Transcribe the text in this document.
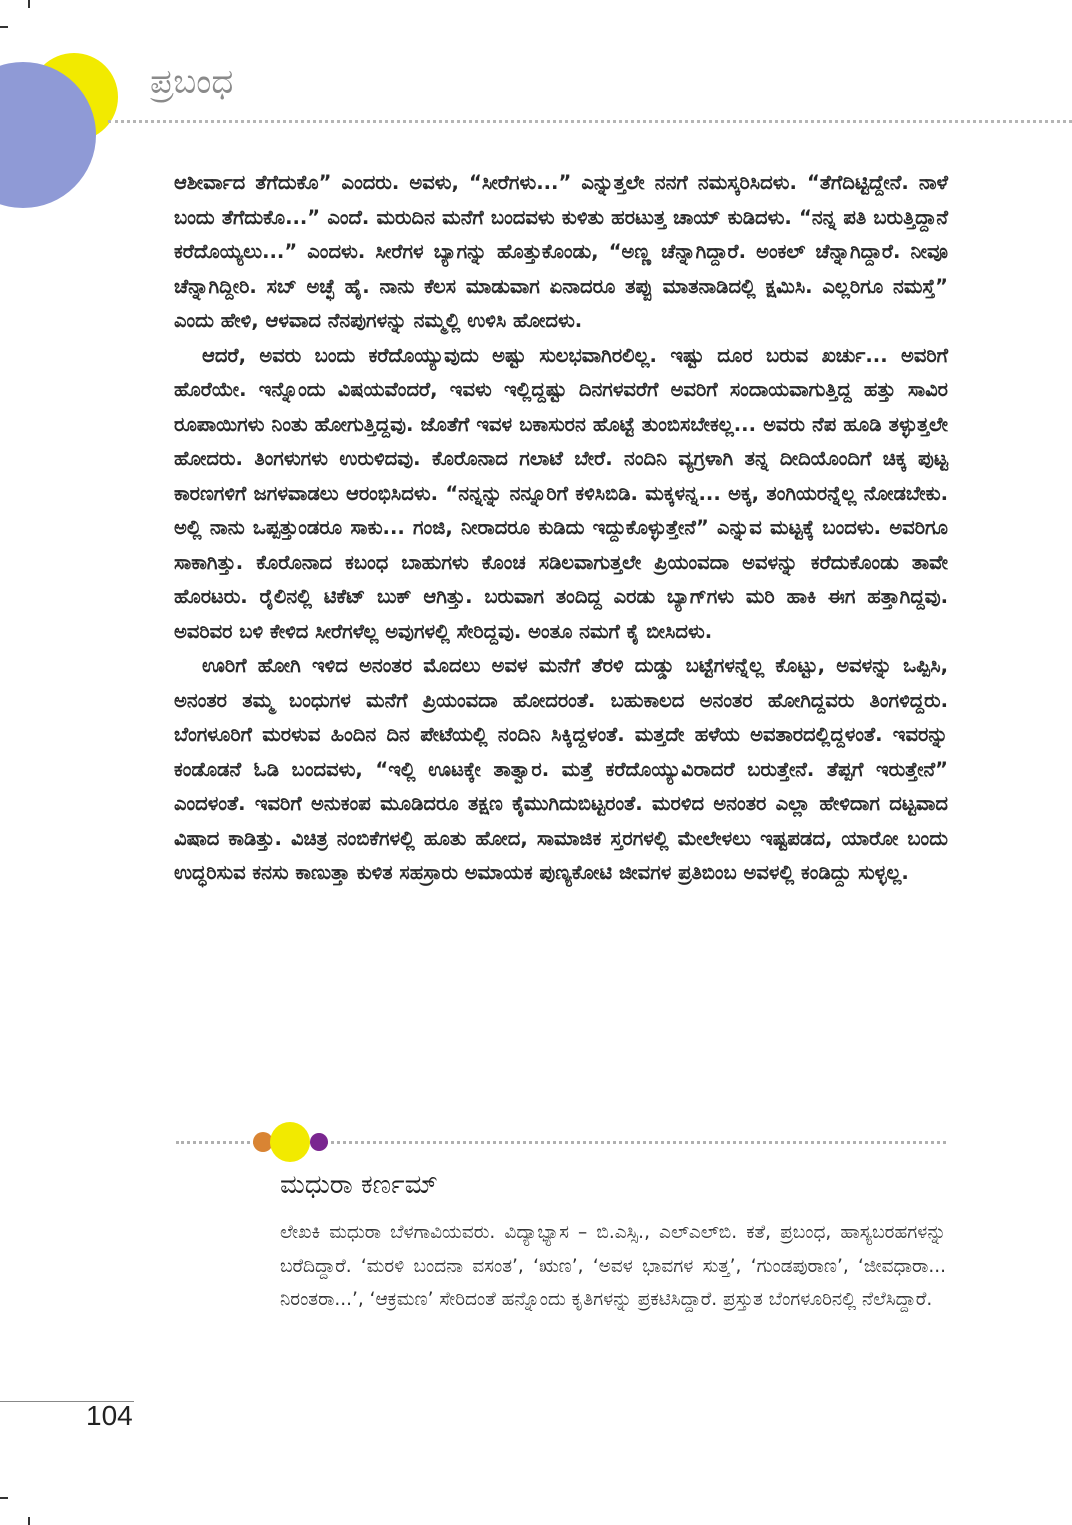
ಪ್ರಬಂಧ

ಆಶೀರ್ವಾದ ತೆಗೆದುಕೊ” ಎಂದರು. ಅವಳು, “ಸೀರೆಗಳು...” ಎನ್ನುತ್ತಲೇ ನನಗೆ ನಮಸ್ಕರಿಸಿದಳು. “ತೆಗೆದಿಟ್ಟಿದ್ದೇನೆ. ನಾಳೆ ಬಂದು ತೆಗೆದುಕೊ...” ಎಂದೆ. ಮರುದಿನ ಮನೆಗೆ ಬಂದವಳು ಕುಳಿತು ಹರಟುತ್ತ ಚಾಯ್ ಕುಡಿದಳು. “ನನ್ನ ಪತಿ ಬರುತ್ತಿದ್ದಾನೆ ಕರೆದೊಯ್ಯಲು...” ಎಂದಳು. ಸೀರೆಗಳ ಬ್ಯಾಗನ್ನು ಹೊತ್ತುಕೊಂಡು, “ಅಣ್ಣ ಚೆನ್ನಾಗಿದ್ದಾರೆ. ಅಂಕಲ್ ಚೆನ್ನಾಗಿದ್ದಾರೆ. ನೀವೂ ಚೆನ್ನಾಗಿದ್ದೀರಿ. ಸಬ್ ಅಚ್ಛೆ ಹೈ. ನಾನು ಕೆಲಸ ಮಾಡುವಾಗ ಏನಾದರೂ ತಪ್ಪು ಮಾತನಾಡಿದಲ್ಲಿ ಕ್ಷಮಿಸಿ. ಎಲ್ಲರಿಗೂ ನಮಸ್ತೆ” ಎಂದು ಹೇಳಿ, ಆಳವಾದ ನೆನಪುಗಳನ್ನು ನಮ್ಮಲ್ಲಿ ಉಳಿಸಿ ಹೋದಳು.

ಆದರೆ, ಅವರು ಬಂದು ಕರೆದೊಯ್ಯುವುದು ಅಷ್ಟು ಸುಲಭವಾಗಿರಲಿಲ್ಲ. ಇಷ್ಟು ದೂರ ಬರುವ ಖರ್ಚು... ಅವರಿಗೆ ಹೊರೆಯೇ. ಇನ್ನೊಂದು ವಿಷಯವೆಂದರೆ, ಇವಳು ಇಲ್ಲಿದ್ದಷ್ಟು ದಿನಗಳವರೆಗೆ ಅವರಿಗೆ ಸಂದಾಯವಾಗುತ್ತಿದ್ದ ಹತ್ತು ಸಾವಿರ ರೂಪಾಯಿಗಳು ನಿಂತು ಹೋಗುತ್ತಿದ್ದವು. ಜೊತೆಗೆ ಇವಳ ಬಕಾಸುರನ ಹೊಟ್ಟೆ ತುಂಬಿಸಬೇಕಲ್ಲ... ಅವರು ನೆಪ ಹೂಡಿ ತಳ್ಳುತ್ತಲೇ ಹೋದರು. ತಿಂಗಳುಗಳು ಉರುಳಿದವು. ಕೊರೊನಾದ ಗಲಾಟೆ ಬೇರೆ. ನಂದಿನಿ ವ್ಯಗ್ರಳಾಗಿ ತನ್ನ ದೀದಿಯೊಂದಿಗೆ ಚಿಕ್ಕ ಪುಟ್ಟ ಕಾರಣಗಳಿಗೆ ಜಗಳವಾಡಲು ಆರಂಭಿಸಿದಳು. “ನನ್ನನ್ನು ನನ್ನೂರಿಗೆ ಕಳಿಸಿಬಿಡಿ. ಮಕ್ಕಳನ್ನ... ಅಕ್ಕ, ತಂಗಿಯರನ್ನೆಲ್ಲ ನೋಡಬೇಕು. ಅಲ್ಲಿ ನಾನು ಒಪ್ಪತ್ತುಂಡರೂ ಸಾಕು... ಗಂಜಿ, ನೀರಾದರೂ ಕುಡಿದು ಇದ್ದುಕೊಳ್ಳುತ್ತೇನೆ” ಎನ್ನುವ ಮಟ್ಟಕ್ಕೆ ಬಂದಳು. ಅವರಿಗೂ ಸಾಕಾಗಿತ್ತು. ಕೊರೊನಾದ ಕಬಂಧ ಬಾಹುಗಳು ಕೊಂಚ ಸಡಿಲವಾಗುತ್ತಲೇ ಪ್ರಿಯಂವದಾ ಅವಳನ್ನು ಕರೆದುಕೊಂಡು ತಾವೇ ಹೊರಟರು. ರೈಲಿನಲ್ಲಿ ಟಿಕೆಟ್ ಬುಕ್ ಆಗಿತ್ತು. ಬರುವಾಗ ತಂದಿದ್ದ ಎರಡು ಬ್ಯಾಗ್‌ಗಳು ಮರಿ ಹಾಕಿ ಈಗ ಹತ್ತಾಗಿದ್ದವು. ಅವರಿವರ ಬಳಿ ಕೇಳಿದ ಸೀರೆಗಳೆಲ್ಲ ಅವುಗಳಲ್ಲಿ ಸೇರಿದ್ದವು. ಅಂತೂ ನಮಗೆ ಕೈ ಬೀಸಿದಳು.

ಊರಿಗೆ ಹೋಗಿ ಇಳಿದ ಅನಂತರ ಮೊದಲು ಅವಳ ಮನೆಗೆ ತೆರಳಿ ದುಡ್ಡು ಬಟ್ಟೆಗಳನ್ನೆಲ್ಲ ಕೊಟ್ಟು, ಅವಳನ್ನು ಒಪ್ಪಿಸಿ, ಅನಂತರ ತಮ್ಮ ಬಂಧುಗಳ ಮನೆಗೆ ಪ್ರಿಯಂವದಾ ಹೋದರಂತೆ. ಬಹುಕಾಲದ ಅನಂತರ ಹೋಗಿದ್ದವರು ತಿಂಗಳಿದ್ದರು. ಬೆಂಗಳೂರಿಗೆ ಮರಳುವ ಹಿಂದಿನ ದಿನ ಪೇಟೆಯಲ್ಲಿ ನಂದಿನಿ ಸಿಕ್ಕಿದ್ದಳಂತೆ. ಮತ್ತದೇ ಹಳೆಯ ಅವತಾರದಲ್ಲಿದ್ದಳಂತೆ. ಇವರನ್ನು ಕಂಡೊಡನೆ ಓಡಿ ಬಂದವಳು, “ಇಲ್ಲಿ ಊಟಕ್ಕೇ ತಾತ್ವಾರ. ಮತ್ತೆ ಕರೆದೊಯ್ಯುವಿರಾದರೆ ಬರುತ್ತೇನೆ. ತೆಪ್ಪಗೆ ಇರುತ್ತೇನೆ” ಎಂದಳಂತೆ. ಇವರಿಗೆ ಅನುಕಂಪ ಮೂಡಿದರೂ ತಕ್ಷಣ ಕೈಮುಗಿದುಬಿಟ್ಟರಂತೆ. ಮರಳಿದ ಅನಂತರ ಎಲ್ಲಾ ಹೇಳಿದಾಗ ದಟ್ಟವಾದ ವಿಷಾದ ಕಾಡಿತ್ತು. ವಿಚಿತ್ರ ನಂಬಿಕೆಗಳಲ್ಲಿ ಹೂತು ಹೋದ, ಸಾಮಾಜಿಕ ಸ್ತರಗಳಲ್ಲಿ ಮೇಲೇಳಲು ಇಷ್ಟಪಡದ, ಯಾರೋ ಬಂದು ಉದ್ಧರಿಸುವ ಕನಸು ಕಾಣುತ್ತಾ ಕುಳಿತ ಸಹಸ್ರಾರು ಅಮಾಯಕ ಪುಣ್ಯಕೋಟಿ ಜೀವಗಳ ಪ್ರತಿಬಿಂಬ ಅವಳಲ್ಲಿ ಕಂಡಿದ್ದು ಸುಳ್ಳಲ್ಲ.

ಮಧುರಾ ಕರ್ಣಮ್

ಲೇಖಕಿ ಮಧುರಾ ಬೆಳಗಾವಿಯವರು. ವಿದ್ಯಾಭ್ಯಾಸ – ಬಿ.ಎಸ್ಸಿ., ಎಲ್‌ಎಲ್‌ಬಿ. ಕತೆ, ಪ್ರಬಂಧ, ಹಾಸ್ಯಬರಹಗಳನ್ನು ಬರೆದಿದ್ದಾರೆ. ‘ಮರಳಿ ಬಂದನಾ ವಸಂತ’, ‘ಋಣ’, ‘ಅವಳ ಭಾವಗಳ ಸುತ್ತ’, ‘ಗುಂಡಪುರಾಣ’, ‘ಜೀವಧಾರಾ... ನಿರಂತರಾ...’, ‘ಆಕ್ರಮಣ’ ಸೇರಿದಂತೆ ಹನ್ನೊಂದು ಕೃತಿಗಳನ್ನು ಪ್ರಕಟಿಸಿದ್ದಾರೆ. ಪ್ರಸ್ತುತ ಬೆಂಗಳೂರಿನಲ್ಲಿ ನೆಲೆಸಿದ್ದಾರೆ.

104
